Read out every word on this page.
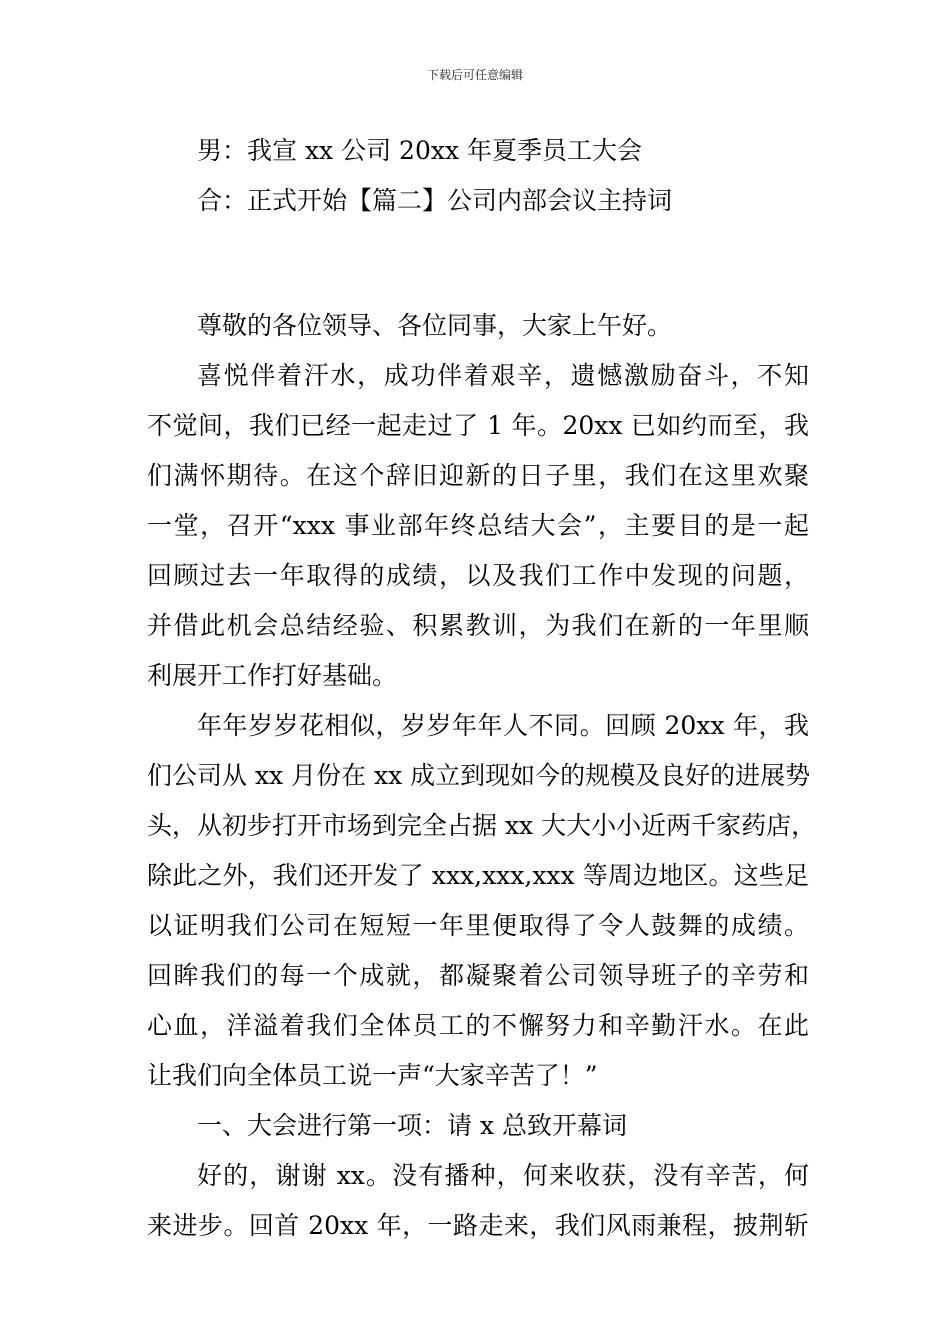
下载后可任意编辑
男：我宣 xx 公司 20xx 年夏季员工大会
合：正式开始【篇二】公司内部会议主持词
尊敬的各位领导、各位同事，大家上午好。
喜悦伴着汗水，成功伴着艰辛，遗憾激励奋斗，不知
不觉间，我们已经一起走过了 1 年。20xx 已如约而至，我
们满怀期待。在这个辞旧迎新的日子里，我们在这里欢聚
一堂，召开“xxx 事业部年终总结大会”，主要目的是一起
回顾过去一年取得的成绩，以及我们工作中发现的问题，
并借此机会总结经验、积累教训，为我们在新的一年里顺
利展开工作打好基础。
年年岁岁花相似，岁岁年年人不同。回顾 20xx 年，我
们公司从 xx 月份在 xx 成立到现如今的规模及良好的进展势
头，从初步打开市场到完全占据 xx 大大小小近两千家药店，
除此之外，我们还开发了 xxx,xxx,xxx 等周边地区。这些足
以证明我们公司在短短一年里便取得了令人鼓舞的成绩。
回眸我们的每一个成就，都凝聚着公司领导班子的辛劳和
心血，洋溢着我们全体员工的不懈努力和辛勤汗水。在此
让我们向全体员工说一声“大家辛苦了！”
一、大会进行第一项：请 x 总致开幕词
好的，谢谢 xx。没有播种，何来收获，没有辛苦，何
来进步。回首 20xx 年，一路走来，我们风雨兼程，披荆斩
